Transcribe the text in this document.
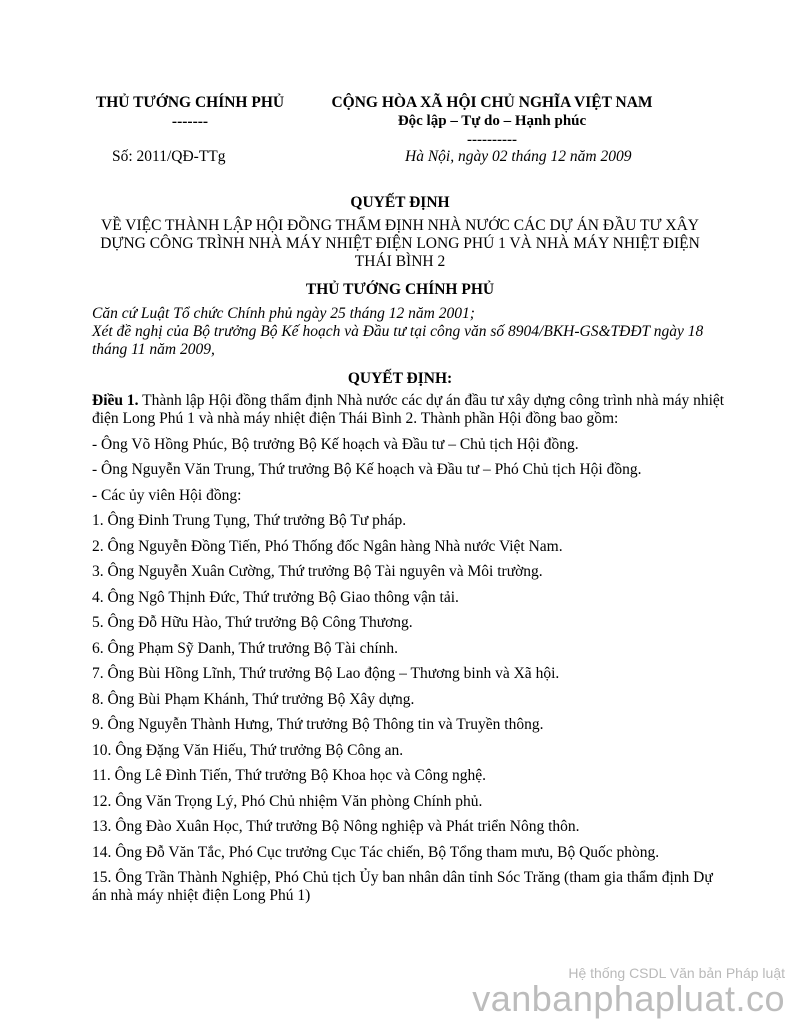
THỦ TƯỚNG CHÍNH PHỦ
-------
CỘNG HÒA XÃ HỘI CHỦ NGHĨA VIỆT NAM
Độc lập – Tự do – Hạnh phúc
----------
Số: 2011/QĐ-TTg	Hà Nội, ngày 02 tháng 12 năm 2009
QUYẾT ĐỊNH
VỀ VIỆC THÀNH LẬP HỘI ĐỒNG THẨM ĐỊNH NHÀ NƯỚC CÁC DỰ ÁN ĐẦU TƯ XÂY DỰNG CÔNG TRÌNH NHÀ MÁY NHIỆT ĐIỆN LONG PHÚ 1 VÀ NHÀ MÁY NHIỆT ĐIỆN THÁI BÌNH 2
THỦ TƯỚNG CHÍNH PHỦ
Căn cứ Luật Tổ chức Chính phủ ngày 25 tháng 12 năm 2001;
Xét đề nghị của Bộ trưởng Bộ Kế hoạch và Đầu tư tại công văn số 8904/BKH-GS&TĐĐT ngày 18 tháng 11 năm 2009,
QUYẾT ĐỊNH:

Điều 1. Thành lập Hội đồng thẩm định Nhà nước các dự án đầu tư xây dựng công trình nhà máy nhiệt điện Long Phú 1 và nhà máy nhiệt điện Thái Bình 2. Thành phần Hội đồng bao gồm:

- Ông Võ Hồng Phúc, Bộ trưởng Bộ Kế hoạch và Đầu tư – Chủ tịch Hội đồng.

- Ông Nguyễn Văn Trung, Thứ trưởng Bộ Kế hoạch và Đầu tư – Phó Chủ tịch Hội đồng.

- Các ủy viên Hội đồng:

1. Ông Đinh Trung Tụng, Thứ trưởng Bộ Tư pháp.

2. Ông Nguyễn Đồng Tiến, Phó Thống đốc Ngân hàng Nhà nước Việt Nam.

3. Ông Nguyễn Xuân Cường, Thứ trưởng Bộ Tài nguyên và Môi trường.

4. Ông Ngô Thịnh Đức, Thứ trưởng Bộ Giao thông vận tải.

5. Ông Đỗ Hữu Hào, Thứ trưởng Bộ Công Thương.

6. Ông Phạm Sỹ Danh, Thứ trưởng Bộ Tài chính.

7. Ông Bùi Hồng Lĩnh, Thứ trưởng Bộ Lao động – Thương binh và Xã hội.

8. Ông Bùi Phạm Khánh, Thứ trưởng Bộ Xây dựng.

9. Ông Nguyễn Thành Hưng, Thứ trưởng Bộ Thông tin và Truyền thông.

10. Ông Đặng Văn Hiếu, Thứ trưởng Bộ Công an.

11. Ông Lê Đình Tiến, Thứ trưởng Bộ Khoa học và Công nghệ.

12. Ông Văn Trọng Lý, Phó Chủ nhiệm Văn phòng Chính phủ.

13. Ông Đào Xuân Học, Thứ trưởng Bộ Nông nghiệp và Phát triển Nông thôn.

14. Ông Đỗ Văn Tắc, Phó Cục trưởng Cục Tác chiến, Bộ Tổng tham mưu, Bộ Quốc phòng.

15. Ông Trần Thành Nghiệp, Phó Chủ tịch Ủy ban nhân dân tỉnh Sóc Trăng (tham gia thẩm định Dự án nhà máy nhiệt điện Long Phú 1)

Hệ thống CSDL Văn bản Pháp luật
vanbanphapluat.co
